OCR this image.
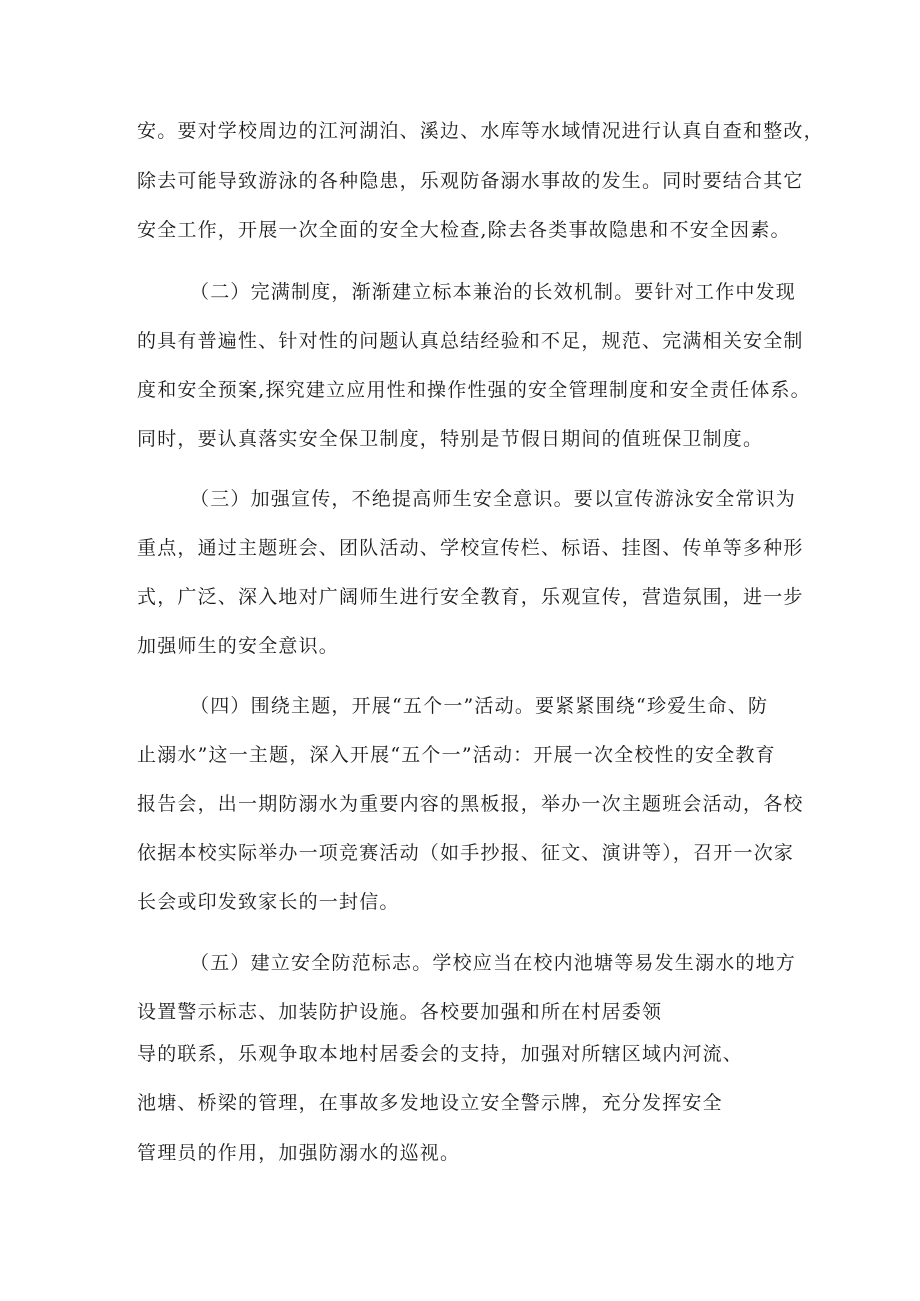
安。要对学校周边的江河湖泊、溪边、水库等水域情况进行认真自查和整改，
除去可能导致游泳的各种隐患，乐观防备溺水事故的发生。同时要结合其它
安全工作，开展一次全面的安全大检查,除去各类事故隐患和不安全因素。
（二）完满制度，渐渐建立标本兼治的长效机制。要针对工作中发现
的具有普遍性、针对性的问题认真总结经验和不足，规范、完满相关安全制
度和安全预案,探究建立应用性和操作性强的安全管理制度和安全责任体系。
同时，要认真落实安全保卫制度，特别是节假日期间的值班保卫制度。
（三）加强宣传，不绝提高师生安全意识。要以宣传游泳安全常识为
重点，通过主题班会、团队活动、学校宣传栏、标语、挂图、传单等多种形
式，广泛、深入地对广阔师生进行安全教育，乐观宣传，营造氛围，进一步
加强师生的安全意识。
（四）围绕主题，开展“五个一”活动。要紧紧围绕“珍爱生命、防
止溺水”这一主题，深入开展“五个一”活动：开展一次全校性的安全教育
报告会，出一期防溺水为重要内容的黑板报，举办一次主题班会活动，各校
依据本校实际举办一项竞赛活动（如手抄报、征文、演讲等），召开一次家
长会或印发致家长的一封信。
（五）建立安全防范标志。学校应当在校内池塘等易发生溺水的地方
设置警示标志、加装防护设施。各校要加强和所在村居委领
导的联系，乐观争取本地村居委会的支持，加强对所辖区域内河流、
池塘、桥梁的管理，在事故多发地设立安全警示牌，充分发挥安全
管理员的作用，加强防溺水的巡视。
